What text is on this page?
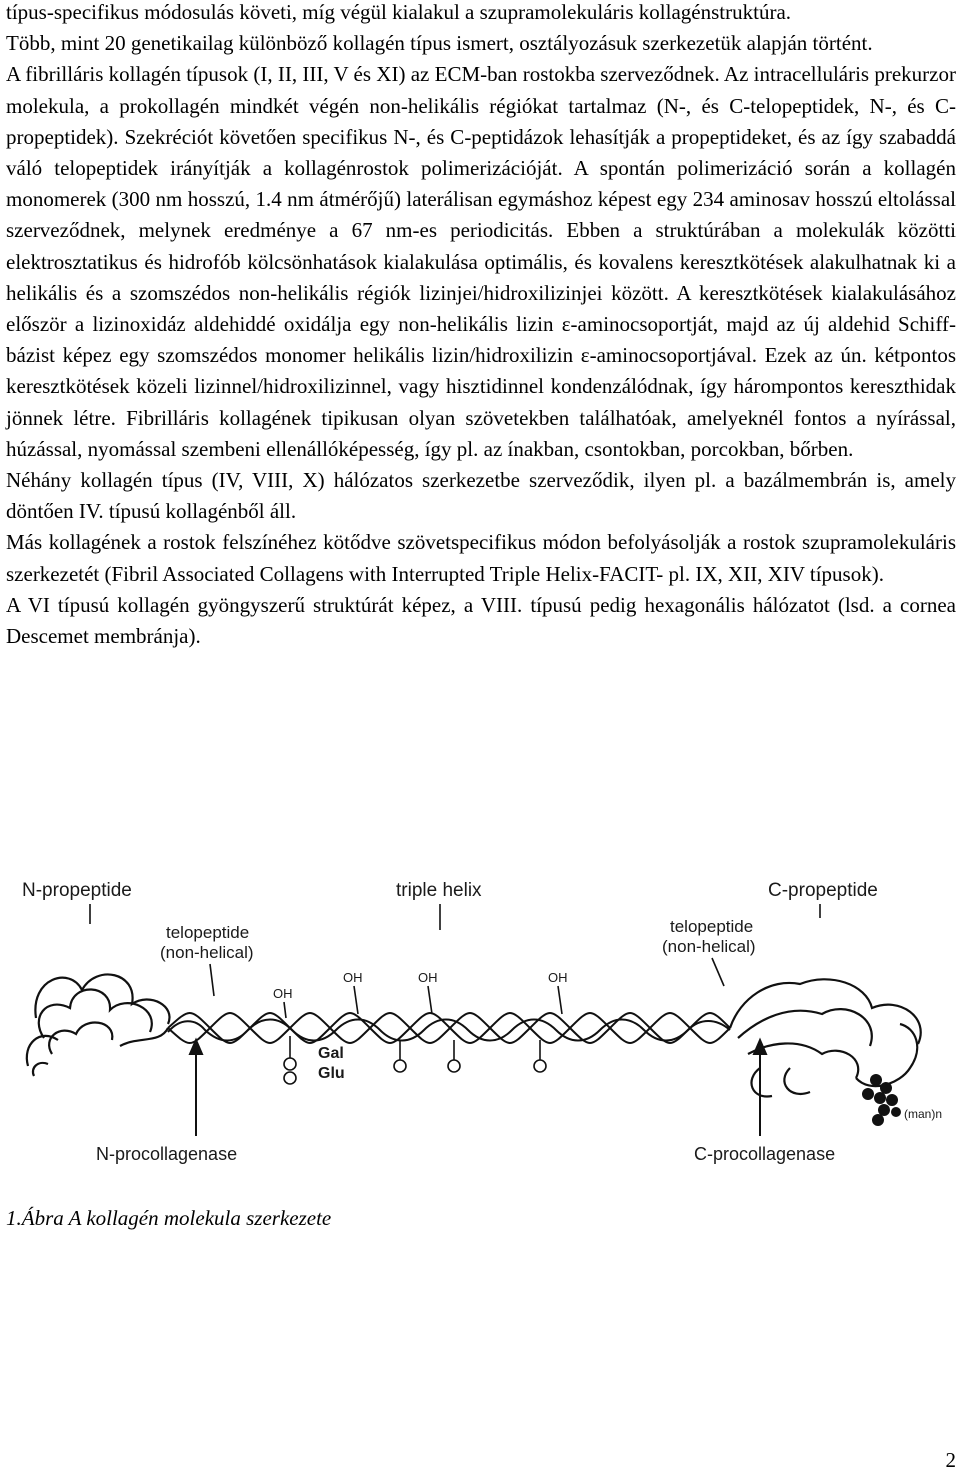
típus-specifikus módosulás követi, míg végül kialakul a szupramolekuláris kollagénstruktúra.

Több, mint 20 genetikailag különböző kollagén típus ismert, osztályozásuk szerkezetük alapján történt.

A fibrilláris kollagén típusok (I, II, III, V és XI) az ECM-ban rostokba szerveződnek. Az intracelluláris prekurzor molekula, a prokollagén mindkét végén non-helikális régiókat tartalmaz (N-, és C-telopeptidek, N-, és C-propeptidek). Szekréciót követően specifikus N-, és C-peptidázok lehasítják a propeptideket, és az így szabaddá váló telopeptidek irányítják a kollagénrostok polimerizációját. A spontán polimerizáció során a kollagén monomerek (300 nm hosszú, 1.4 nm átmérőjű) laterálisan egymáshoz képest egy 234 aminosav hosszú eltolással szerveződnek, melynek eredménye a 67 nm-es periodicitás. Ebben a struktúrában a molekulák közötti elektrosztatikus és hidrofób kölcsönhatások kialakulása optimális, és kovalens keresztkötések alakulhatnak ki a helikális és a szomszédos non-helikális régiók lizinjei/hidroxilizinjei között. A keresztkötések kialakulásához először a lizinoxidáz aldehiddé oxidálja egy non-helikális lizin ε-aminocsoportját, majd az új aldehid Schiff-bázist képez egy szomszédos monomer helikális lizin/hidroxilizin ε-aminocsoportjával. Ezek az ún. kétpontos keresztkötések közeli lizinnel/hidroxilizinnel, vagy hisztidinnel kondenzálódnak, így hárompontos kereszthidak jönnek létre. Fibrilláris kollagének tipikusan olyan szövetekben találhatóak, amelyeknél fontos a nyírással, húzással, nyomással szembeni ellenállóképesség, így pl. az ínakban, csontokban, porcokban, bőrben.

Néhány kollagén típus (IV, VIII, X) hálózatos szerkezetbe szerveződik, ilyen pl. a bazálmembrán is, amely döntően IV. típusú kollagénből áll.

Más kollagének a rostok felszínéhez kötődve szövetspecifikus módon befolyásolják a rostok szupramolekuláris szerkezetét (Fibril Associated Collagens with Interrupted Triple Helix-FACIT- pl. IX, XII, XIV típusok).

A VI típusú kollagén gyöngyszerű struktúrát képez, a VIII. típusú pedig hexagonális hálózatot (lsd. a cornea Descemet membránja).

N-propeptide	triple helix	C-propeptide
telopeptide
(non-helical)
telopeptide
(non-helical)
OH	OH	OH
OH
Gal
Glu
(man)n
N-procollagenase	C-procollagenase

1.Ábra A kollagén molekula szerkezete

2
